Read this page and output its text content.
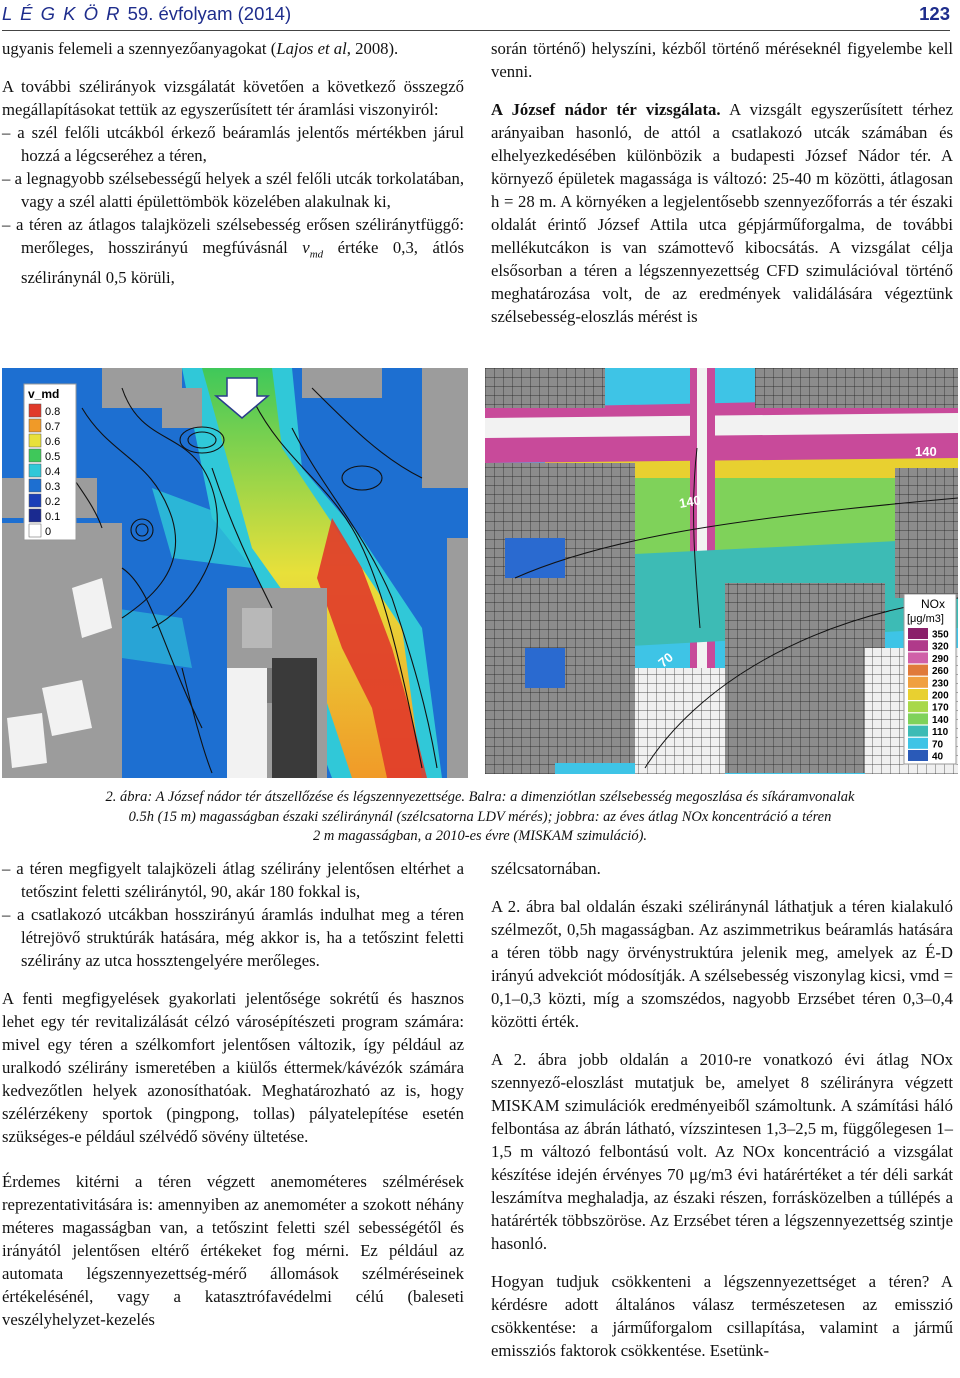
L É G K Ö R 59. évfolyam (2014)	123

ugyanis felemeli a szennyezőanyagokat (Lajos et al, 2008).

A további szélirányok vizsgálatát követően a következő összegző megállapításokat tettük az egyszerűsített tér áramlási viszonyiról:

– a szél felőli utcákból érkező beáramlás jelentős mértékben járul hozzá a légcseréhez a téren,

– a legnagyobb szélsebességű helyek a szél felőli utcák torkolatában, vagy a szél alatti épülettömbök közelében alakulnak ki,

– a téren az átlagos talajközeli szélsebesség erősen széliránytfüggő: merőleges, hosszirányú megfúvásnál $v_{md}$ értéke 0,3, átlós széliránynál 0,5 körüli,

során történő) helyszíni, kézből történő méréseknél figyelembe kell venni.

A József nádor tér vizsgálata. A vizsgált egyszerűsített térhez arányaiban hasonló, de attól a csatlakozó utcák számában és elhelyezkedésében különbözik a budapesti József Nádor tér. A környező épületek magassága is változó: 25-40 m közötti, átlagosan h = 28 m. A környéken a legjelentősebb szennyezőforrás a tér északi oldalát érintő József Attila utca gépjárműforgalma, de további mellékutcákon is van számottevő kibocsátás. A vizsgálat célja elsősorban a téren a légszennyezettség CFD szimulációval történő meghatározása volt, de az eredmények validálására végeztünk szélsebesség-eloszlás mérést is

v_md
0.8
0.7
0.6
0.5
0.4
0.3
0.2
0.1
0
140
140
70
NOx
[μg/m3]
350
320
290
260
230
200
170
140
110
70
40
2. ábra: A József nádor tér átszellőzése és légszennyezettsége. Balra: a dimenziótlan szélsebesség megoszlása és síkáramvonalak
0.5h (15 m) magasságban északi széliránynál (szélcsatorna LDV mérés); jobbra: az éves átlag NOx koncentráció a téren
2 m magasságban, a 2010-es évre (MISKAM szimuláció).

– a téren megfigyelt talajközeli átlag szélirány jelentősen eltérhet a tetőszint feletti széliránytól, 90, akár 180 fokkal is,

– a csatlakozó utcákban hosszirányú áramlás indulhat meg a téren létrejövő struktúrák hatására, még akkor is, ha a tetőszint feletti szélirány az utca hossztengelyére merőleges.

A fenti megfigyelések gyakorlati jelentősége sokrétű és hasznos lehet egy tér revitalizálását célzó városépítészeti program számára: mivel egy téren a szélkomfort jelentősen változik, így például az uralkodó szélirány ismeretében a kiülős éttermek/kávézók számára kedvezőtlen helyek azonosíthatóak. Meghatározható az is, hogy szélérzékeny sportok (pingpong, tollas) pályatelepítése esetén szükséges-e például szélvédő sövény ültetése.

Érdemes kitérni a téren végzett anemométeres szélmérések reprezentativitására is: amennyiben az anemométer a szokott néhány méteres magasságban van, a tetőszint feletti szél sebességétől és irányától jelentősen eltérő értékeket fog mérni. Ez például az automata légszennyezettség-mérő állomások szélméréseinek értékelésénél, vagy a katasztrófavédelmi célú (baleseti veszélyhelyzet-kezelés

szélcsatornában.

A 2. ábra bal oldalán északi széliránynál láthatjuk a téren kialakuló szélmezőt, 0,5h magasságban. Az aszimmetrikus beáramlás hatására a téren több nagy örvénystruktúra jelenik meg, amelyek az É-D irányú advekciót módosítják. A szélsebesség viszonylag kicsi, vmd = 0,1–0,3 közti, míg a szomszédos, nagyobb Erzsébet téren 0,3–0,4 közötti érték.

A 2. ábra jobb oldalán a 2010-re vonatkozó évi átlag NOx szennyező-eloszlást mutatjuk be, amelyet 8 szélirányra végzett MISKAM szimulációk eredményeiből számoltunk. A számítási háló felbontása az ábrán látható, vízszintesen 1,3–2,5 m, függőlegesen 1–1,5 m változó felbontású volt. Az NOx koncentráció a vizsgálat készítése idején érvényes 70 μg/m3 évi határértéket a tér déli sarkát leszámítva meghaladja, az északi részen, forrásközelben a túllépés a határérték többszöröse. Az Erzsébet téren a légszennyezettség szintje hasonló.

Hogyan tudjuk csökkenteni a légszennyezettséget a téren? A kérdésre adott általános válasz természetesen az emisszió csökkentése: a járműforgalom csillapítása, valamint a jármű emissziós faktorok csökkentése. Esetünk-
